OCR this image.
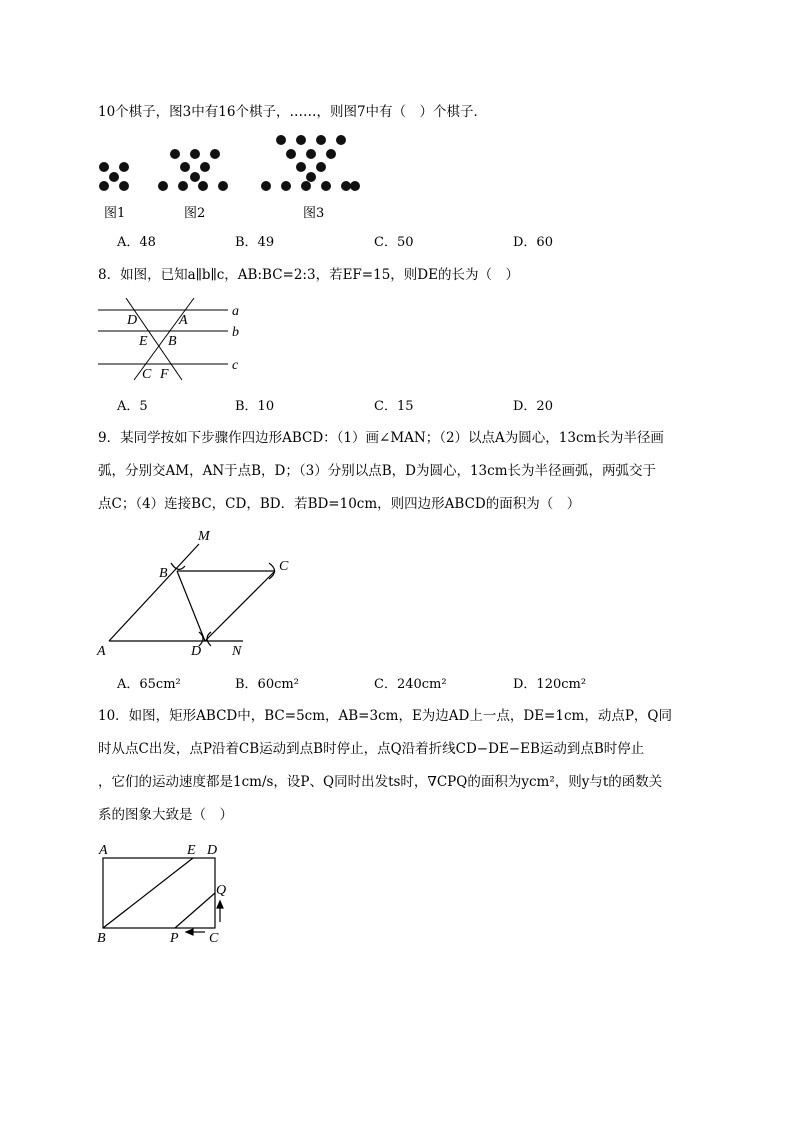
10个棋子，图3中有16个棋子，……，则图7中有（　）个棋子．
图1	图2	图3
A．48	B．49	C．50	D．60
8．如图，已知a∥b∥c，AB:BC=2:3，若EF=15，则DE的长为（　）
a
b
c
D	A
E B
C F
A．5	B．10	C．15	D．20
9．某同学按如下步骤作四边形ABCD：（1）画∠MAN；（2）以点A为圆心，13cm长为半径画
弧，分别交AM，AN于点B，D；（3）分别以点B，D为圆心，13cm长为半径画弧，两弧交于
点C；（4）连接BC，CD，BD．若BD=10cm，则四边形ABCD的面积为（　）
M
B	C
A	D N
A．65cm²	B．60cm²	C．240cm²	D．120cm²
10．如图，矩形ABCD中，BC=5cm，AB=3cm，E为边AD上一点，DE=1cm，动点P，Q同
时从点C出发，点P沿着CB运动到点B时停止，点Q沿着折线CD−DE−EB运动到点B时停止
，它们的运动速度都是1cm/s，设P、Q同时出发ts时，∇CPQ的面积为ycm²，则y与t的函数关
系的图象大致是（　）
A	E D
Q
B	P C
